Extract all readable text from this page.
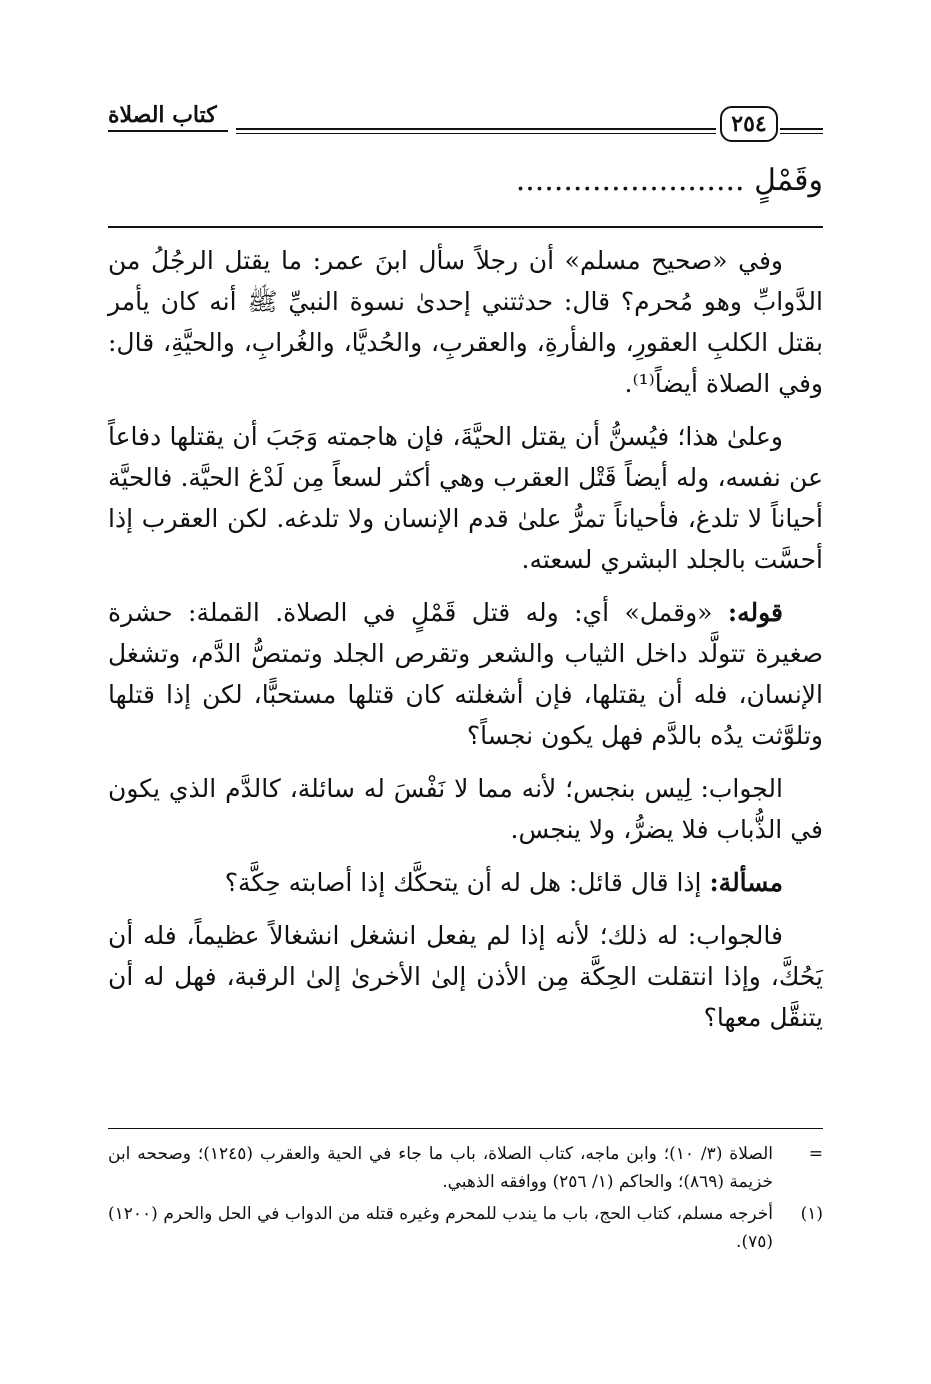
كتاب الصلاة	٢٥٤
وقَمْلٍ ........................

وفي «صحيح مسلم» أن رجلاً سأل ابنَ عمر: ما يقتل الرجُلُ من الدَّوابِّ وهو مُحرم؟ قال: حدثتني إحدىٰ نسوة النبيِّ ﷺ أنه كان يأمر بقتل الكلبِ العقورِ، والفأرةِ، والعقربِ، والحُديَّا، والغُرابِ، والحيَّةِ، قال: وفي الصلاة أيضاً⁽¹⁾.

وعلىٰ هذا؛ فيُسنُّ أن يقتل الحيَّةَ، فإن هاجمته وَجَبَ أن يقتلها دفاعاً عن نفسه، وله أيضاً قَتْل العقرب وهي أكثر لسعاً مِن لَدْغ الحيَّة. فالحيَّة أحياناً لا تلدغ، فأحياناً تمرُّ علىٰ قدم الإنسان ولا تلدغه. لكن العقرب إذا أحسَّت بالجلد البشري لسعته.

قوله: «وقمل» أي: وله قتل قَمْلٍ في الصلاة. القملة: حشرة صغيرة تتولَّد داخل الثياب والشعر وتقرص الجلد وتمتصُّ الدَّم، وتشغل الإنسان، فله أن يقتلها، فإن أشغلته كان قتلها مستحبًّا، لكن إذا قتلها وتلوَّثت يدُه بالدَّم فهل يكون نجساً؟

الجواب: لِيس بنجس؛ لأنه مما لا نَفْسَ له سائلة، كالدَّم الذي يكون في الذُّباب فلا يضرُّ، ولا ينجس.

مسألة: إذا قال قائل: هل له أن يتحكَّك إذا أصابته حِكَّة؟

فالجواب: له ذلك؛ لأنه إذا لم يفعل انشغل انشغالاً عظيماً، فله أن يَحُكَّ، وإذا انتقلت الحِكَّة مِن الأذن إلىٰ الأخرىٰ إلىٰ الرقبة، فهل له أن يتنقَّل معها؟

=
الصلاة (٣/ ١٠)؛ وابن ماجه، كتاب الصلاة، باب ما جاء في الحية والعقرب (١٢٤٥)؛ وصححه ابن خزيمة (٨٦٩)؛ والحاكم (١/ ٢٥٦) ووافقه الذهبي.
(١)
أخرجه مسلم، كتاب الحج، باب ما يندب للمحرم وغيره قتله من الدواب في الحل والحرم (١٢٠٠) (٧٥).
